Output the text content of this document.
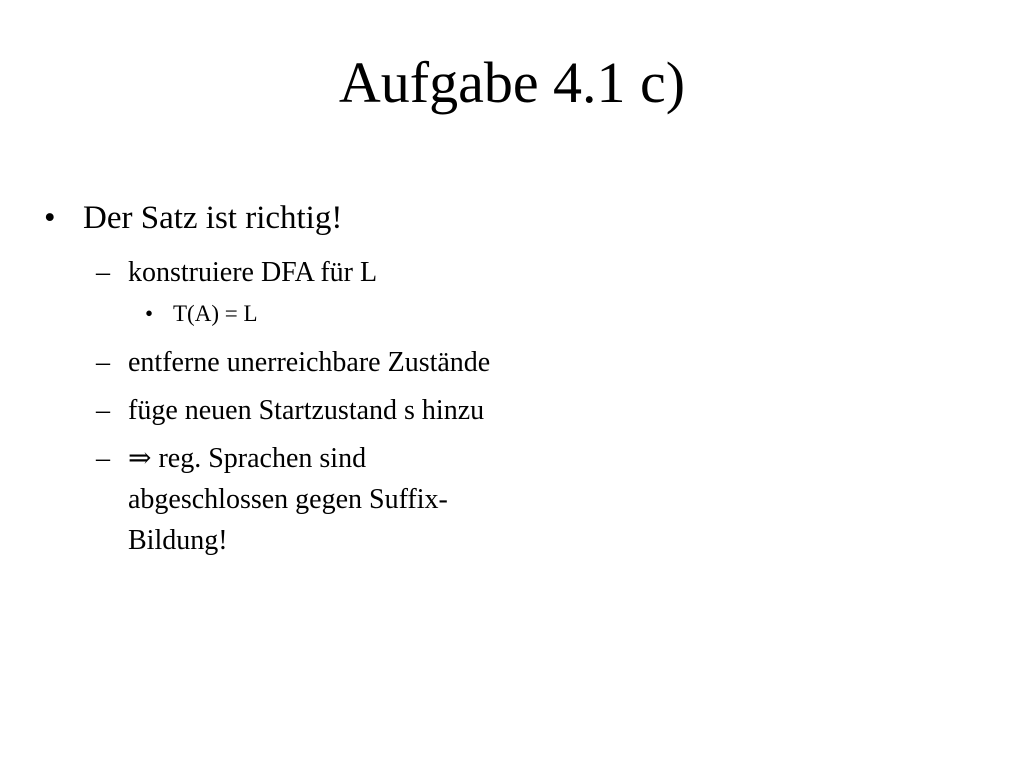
Aufgabe 4.1 c)
• Der Satz ist richtig!
– konstruiere DFA für L
• T(A) = L
– entferne unerreichbare Zustände
– füge neuen Startzustand s hinzu
– ⇒ reg. Sprachen sind abgeschlossen gegen Suffix-Bildung!
